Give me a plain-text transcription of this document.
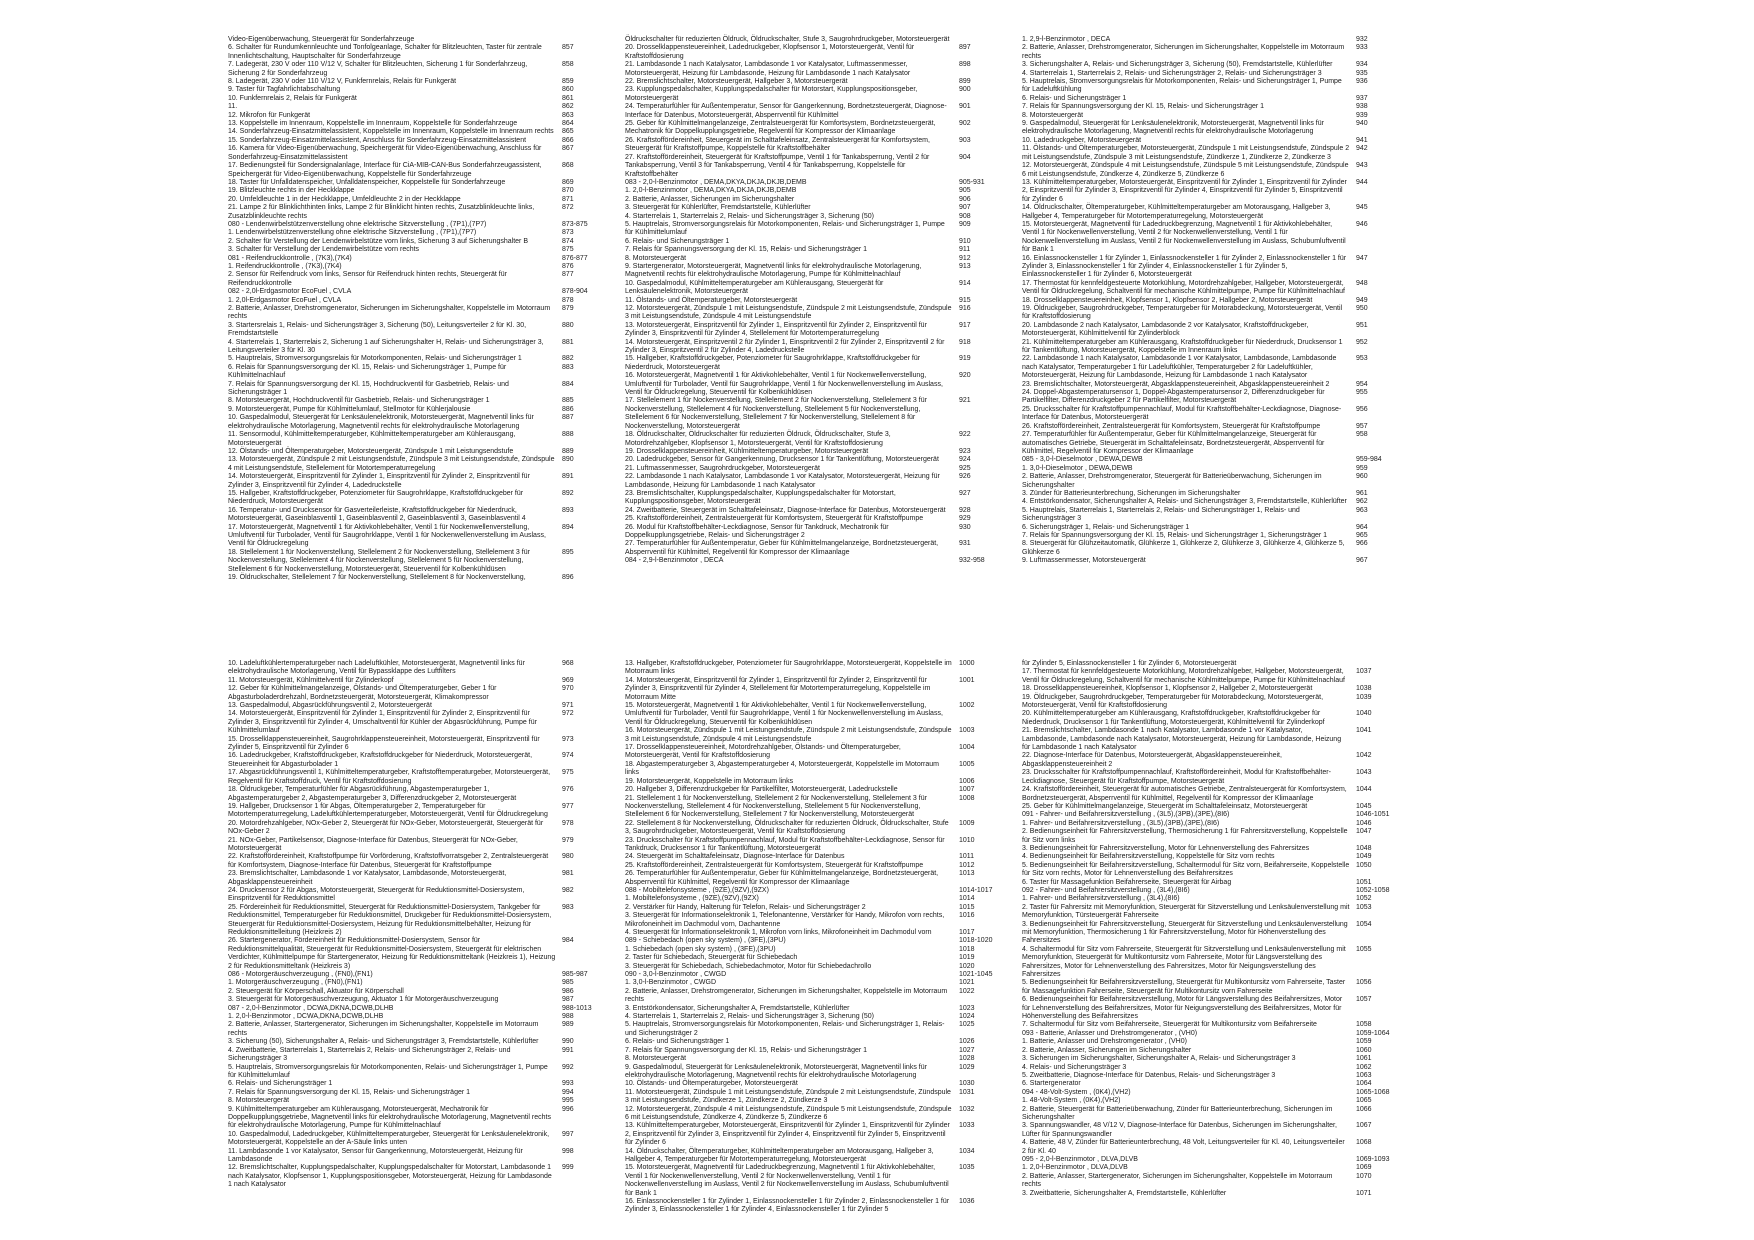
Video-Eigenüberwachung, Steuergerät für Sonderfahrzeuge
6. Schalter für Rundumkennleuchte und Tonfolgeanlage, Schalter für Blitzleuchten, Taster für zentrale Innenlichtschaltung, Hauptschalter für Sonderfahrzeuge
857
7. Ladegerät, 230 V oder 110 V/12 V, Schalter für Blitzleuchten, Sicherung 1 für Sonderfahrzeug, Sicherung 2 für Sonderfahrzeug
858
8. Ladegerät, 230 V oder 110 V/12 V, Funkfernrelais, Relais für Funkgerät	859
9. Taster für Tagfahrlichtabschaltung	860
10. Funkfernrelais 2, Relais für Funkgerät	861
11.	862
12. Mikrofon für Funkgerät	863
13. Koppelstelle im Innenraum, Koppelstelle im Innenraum, Koppelstelle für Sonderfahrzeuge	864
14. Sonderfahrzeug-Einsatzmittelassistent, Koppelstelle im Innenraum, Koppelstelle im Innenraum rechts	865
15. Sonderfahrzeug-Einsatzmittelassistent, Anschluss für Sonderfahrzeug-Einsatzmittelassistent	866
16. Kamera für Video-Eigenüberwachung, Speichergerät für Video-Eigenüberwachung, Anschluss für Sonderfahrzeug-Einsatzmittelassistent
867
17. Bedienungsteil für Sondersignalanlage, Interface für CiA-MIB-CAN-Bus Sonderfahrzeugassistent, Speichergerät für Video-Eigenüberwachung, Koppelstelle für Sonderfahrzeuge
868
18. Taster für Unfalldatenspeicher, Unfalldatenspeicher, Koppelstelle für Sonderfahrzeuge	869
19. Blitzleuchte rechts in der Heckklappe	870
20. Umfeldleuchte 1 in der Heckklappe, Umfeldleuchte 2 in der Heckklappe	871
21. Lampe 2 für Blinklichthinten links, Lampe 2 für Blinklicht hinten rechts, Zusatzblinkleuchte links, Zusatzblinkleuchte rechts
872
080 - Lendenwirbelstützenverstellung ohne elektrische Sitzverstellung , (7P1),(7P7)	873-875
1. Lendenwirbelstützenverstellung ohne elektrische Sitzverstellung , (7P1),(7P7)	873
2. Schalter für Verstellung der Lendenwirbelstütze vorn links, Sicherung 3 auf Sicherungshalter B	874
3. Schalter für Verstellung der Lendenwirbelstütze vorn rechts	875
081 - Reifendruckkontrolle , (7K3),(7K4)	876-877
1. Reifendruckkontrolle , (7K3),(7K4)	876
2. Sensor für Reifendruck vorn links, Sensor für Reifendruck hinten rechts, Steuergerät für Reifendruckkontrolle
877
082 - 2,0l-Erdgasmotor EcoFuel , CVLA	878-904
1. 2,0l-Erdgasmotor EcoFuel , CVLA	878
2. Batterie, Anlasser, Drehstromgenerator, Sicherungen im Sicherungshalter, Koppelstelle im Motorraum rechts
879
3. Startersrelais 1, Relais- und Sicherungsträger 3, Sicherung (50), Leitungsverteiler 2 für Kl. 30, Fremdstartstelle
880
4. Starterrelais 1, Starterrelais 2, Sicherung 1 auf Sicherungshalter H, Relais- und Sicherungsträger 3, Leitungsverteiler 3 für Kl. 30
881
5. Hauptrelais, Stromversorgungsrelais für Motorkomponenten, Relais- und Sicherungsträger 1	882
6. Relais für Spannungsversorgung der Kl. 15, Relais- und Sicherungsträger 1, Pumpe für Kühlmittelnachlauf
883
7. Relais für Spannungsversorgung der Kl. 15, Hochdruckventil für Gasbetrieb, Relais- und Sicherungsträger 1
884
8. Motorsteuergerät, Hochdruckventil für Gasbetrieb, Relais- und Sicherungsträger 1	885
9. Motorsteuergerät, Pumpe für Kühlmittelumlauf, Stellmotor für Kühlerjalousie	886
10. Gaspedalmodul, Steuergerät für Lenksäulenelektronik, Motorsteuergerät, Magnetventil links für elektrohydraulische Motorlagerung, Magnetventil rechts für elektrohydraulische Motorlagerung
887
11. Sensormodul, Kühlmitteltemperaturgeber, Kühlmitteltemperaturgeber am Kühlerausgang, Motorsteuergerät
888
12. Ölstands- und Öltemperaturgeber, Motorsteuergerät, Zündspule 1 mit Leistungsendstufe	889
13. Motorsteuergerät, Zündspule 2 mit Leistungsendstufe, Zündspule 3 mit Leistungsendstufe, Zündspule 4 mit Leistungsendstufe, Stellelement für Motortemperaturregelung
890
14. Motorsteuergerät, Einspritzventil für Zylinder 1, Einspritzventil für Zylinder 2, Einspritzventil für Zylinder 3, Einspritzventil für Zylinder 4, Ladedruckstelle
891
15. Hallgeber, Kraftstoffdruckgeber, Potenziometer für Saugrohrklappe, Kraftstoffdruckgeber für Niederdruck, Motorsteuergerät
892
16. Temperatur- und Drucksensor für Gasverteilerleiste, Kraftstoffdruckgeber für Niederdruck, Motorsteuergerät, Gaseinblasventil 1, Gaseinblasventil 2, Gaseinblasventil 3, Gaseinblasventil 4
893
17. Motorsteuergerät, Magnetventil 1 für Aktivkohlebehälter, Ventil 1 für Nockenwellenverstellung, Umluftventil für Turbolader, Ventil für Saugrohrklappe, Ventil 1 für Nockenwellenverstellung im Auslass, Ventil für Öldruckregelung
894
18. Stellelement 1 für Nockenverstellung, Stellelement 2 für Nockenverstellung, Stellelement 3 für Nockenverstellung, Stellelement 4 für Nockenverstellung, Stellelement 5 für Nockenverstellung, Stellelement 6 für Nockenverstellung, Motorsteuergerät, Steuerventil für Kolbenkühldüsen
895
19. Öldruckschalter, Stellelement 7 für Nockenverstellung, Stellelement 8 für Nockenverstellung,	896
Öldruckschalter für reduzierten Öldruck, Öldruckschalter, Stufe 3, Saugrohrdruckgeber, Motorsteuergerät
20. Drosselklappensteuereinheit, Ladedruckgeber, Klopfsensor 1, Motorsteuergerät, Ventil für Kraftstoffdosierung
897
21. Lambdasonde 1 nach Katalysator, Lambdasonde 1 vor Katalysator, Luftmassenmesser, Motorsteuergerät, Heizung für Lambdasonde, Heizung für Lambdasonde 1 nach Katalysator
898
22. Bremslichtschalter, Motorsteuergerät, Hallgeber 3, Motorsteuergerät	899
23. Kupplungspedalschalter, Kupplungspedalschalter für Motorstart, Kupplungspositionsgeber, Motorsteuergerät
900
24. Temperaturfühler für Außentemperatur, Sensor für Gangerkennung, Bordnetzsteuergerät, Diagnose-Interface für Datenbus, Motorsteuergerät, Absperrventil für Kühlmittel
901
25. Geber für Kühlmittelmangelanzeige, Zentralsteuergerät für Komfortsystem, Bordnetzsteuergerät, Mechatronik für Doppelkupplungsgetriebe, Regelventil für Kompressor der Klimaanlage
902
26. Kraftstoffördereinheit, Steuergerät im Schalttafeleinsatz, Zentralsteuergerät für Komfortsystem, Steuergerät für Kraftstoffpumpe, Koppelstelle für Kraftstoffbehälter
903
27. Kraftstoffördereinheit, Steuergerät für Kraftstoffpumpe, Ventil 1 für Tankabsperrung, Ventil 2 für Tankabsperrung, Ventil 3 für Tankabsperrung, Ventil 4 für Tankabsperrung, Koppelstelle für Kraftstoffbehälter
904
083 - 2,0-l-Benzinmotor , DEMA,DKYA,DKJA,DKJB,DEMB	905-931
1. 2,0-l-Benzinmotor , DEMA,DKYA,DKJA,DKJB,DEMB	905
2. Batterie, Anlasser, Sicherungen im Sicherungshalter	906
3. Steuergerät für Kühlerlüfter, Fremdstartstelle, Kühlerlüfter	907
4. Starterrelais 1, Starterrelais 2, Relais- und Sicherungsträger 3, Sicherung (50)	908
5. Hauptrelais, Stromversorgungsrelais für Motorkomponenten, Relais- und Sicherungsträger 1, Pumpe für Kühlmittelumlauf
909
6. Relais- und Sicherungsträger 1	910
7. Relais für Spannungsversorgung der Kl. 15, Relais- und Sicherungsträger 1	911
8. Motorsteuergerät	912
9. Startergenerator, Motorsteuergerät, Magnetventil links für elektrohydraulische Motorlagerung, Magnetventil rechts für elektrohydraulische Motorlagerung, Pumpe für Kühlmittelnachlauf
913
10. Gaspedalmodul, Kühlmitteltemperaturgeber am Kühlerausgang, Steuergerät für Lenksäulenelektronik, Motorsteuergerät
914
11. Ölstands- und Öltemperaturgeber, Motorsteuergerät	915
12. Motorsteuergerät, Zündspule 1 mit Leistungsendstufe, Zündspule 2 mit Leistungsendstufe, Zündspule 3 mit Leistungsendstufe, Zündspule 4 mit Leistungsendstufe
916
13. Motorsteuergerät, Einspritzventil für Zylinder 1, Einspritzventil für Zylinder 2, Einspritzventil für Zylinder 3, Einspritzventil für Zylinder 4, Stellelement für Motortemperaturregelung
917
14. Motorsteuergerät, Einspritzventil 2 für Zylinder 1, Einspritzventil 2 für Zylinder 2, Einspritzventil 2 für Zylinder 3, Einspritzventil 2 für Zylinder 4, Ladedruckstelle
918
15. Hallgeber, Kraftstoffdruckgeber, Potenziometer für Saugrohrklappe, Kraftstoffdruckgeber für Niederdruck, Motorsteuergerät
919
16. Motorsteuergerät, Magnetventil 1 für Aktivkohlebehälter, Ventil 1 für Nockenwellenverstellung, Umluftventil für Turbolader, Ventil für Saugrohrklappe, Ventil 1 für Nockenwellenverstellung im Auslass, Ventil für Öldruckregelung, Steuerventil für Kolbenkühldüsen
920
17. Stellelement 1 für Nockenverstellung, Stellelement 2 für Nockenverstellung, Stellelement 3 für Nockenverstellung, Stellelement 4 für Nockenverstellung, Stellelement 5 für Nockenverstellung, Stellelement 6 für Nockenverstellung, Stellelement 7 für Nockenverstellung, Stellelement 8 für Nockenverstellung, Motorsteuergerät
921
18. Öldruckschalter, Öldruckschalter für reduzierten Öldruck, Öldruckschalter, Stufe 3, Motordrehzahlgeber, Klopfsensor 1, Motorsteuergerät, Ventil für Kraftstoffdosierung
922
19. Drosselklappensteuereinheit, Kühlmitteltemperaturgeber, Motorsteuergerät	923
20. Ladedruckgeber, Sensor für Gangerkennung, Drucksensor 1 für Tankentlüftung, Motorsteuergerät	924
21. Luftmassenmesser, Saugrohrdruckgeber, Motorsteuergerät	925
22. Lambdasonde 1 nach Katalysator, Lambdasonde 1 vor Katalysator, Motorsteuergerät, Heizung für Lambdasonde, Heizung für Lambdasonde 1 nach Katalysator
926
23. Bremslichtschalter, Kupplungspedalschalter, Kupplungspedalschalter für Motorstart, Kupplungspositionsgeber, Motorsteuergerät
927
24. Zweitbatterie, Steuergerät im Schalttafeleinsatz, Diagnose-Interface für Datenbus, Motorsteuergerät	928
25. Kraftstoffördereinheit, Zentralsteuergerät für Komfortsystem, Steuergerät für Kraftstoffpumpe	929
26. Modul für Kraftstoffbehälter-Leckdiagnose, Sensor für Tankdruck, Mechatronik für Doppelkupplungsgetriebe, Relais- und Sicherungsträger 2
930
27. Temperaturfühler für Außentemperatur, Geber für Kühlmittelmangelanzeige, Bordnetzsteuergerät, Absperrventil für Kühlmittel, Regelventil für Kompressor der Klimaanlage
931
084 - 2,9-l-Benzinmotor , DECA	932-958
1. 2,9-l-Benzinmotor , DECA	932
2. Batterie, Anlasser, Drehstromgenerator, Sicherungen im Sicherungshalter, Koppelstelle im Motorraum rechts
933
3. Sicherungshalter A, Relais- und Sicherungsträger 3, Sicherung (50), Fremdstartstelle, Kühlerlüfter	934
4. Starterrelais 1, Starterrelais 2, Relais- und Sicherungsträger 2, Relais- und Sicherungsträger 3	935
5. Hauptrelais, Stromversorgungsrelais für Motorkomponenten, Relais- und Sicherungsträger 1, Pumpe für Ladeluftkühlung
936
6. Relais- und Sicherungsträger 1	937
7. Relais für Spannungsversorgung der Kl. 15, Relais- und Sicherungsträger 1	938
8. Motorsteuergerät	939
9. Gaspedalmodul, Steuergerät für Lenksäulenelektronik, Motorsteuergerät, Magnetventil links für elektrohydraulische Motorlagerung, Magnetventil rechts für elektrohydraulische Motorlagerung
940
10. Ladedruckgeber, Motorsteuergerät	941
11. Ölstands- und Öltemperaturgeber, Motorsteuergerät, Zündspule 1 mit Leistungsendstufe, Zündspule 2 mit Leistungsendstufe, Zündspule 3 mit Leistungsendstufe, Zündkerze 1, Zündkerze 2, Zündkerze 3
942
12. Motorsteuergerät, Zündspule 4 mit Leistungsendstufe, Zündspule 5 mit Leistungsendstufe, Zündspule 6 mit Leistungsendstufe, Zündkerze 4, Zündkerze 5, Zündkerze 6
943
13. Kühlmitteltemperaturgeber, Motorsteuergerät, Einspritzventil für Zylinder 1, Einspritzventil für Zylinder 2, Einspritzventil für Zylinder 3, Einspritzventil für Zylinder 4, Einspritzventil für Zylinder 5, Einspritzventil für Zylinder 6
944
14. Öldruckschalter, Öltemperaturgeber, Kühlmitteltemperaturgeber am Motorausgang, Hallgeber 3, Hallgeber 4, Temperaturgeber für Motortemperaturregelung, Motorsteuergerät
945
15. Motorsteuergerät, Magnetventil für Ladedruckbegrenzung, Magnetventil 1 für Aktivkohlebehälter, Ventil 1 für Nockenwellenverstellung, Ventil 2 für Nockenwellenverstellung, Ventil 1 für Nockenwellenverstellung im Auslass, Ventil 2 für Nockenwellenverstellung im Auslass, Schubumluftventil für Bank 1
946
16. Einlassnockensteller 1 für Zylinder 1, Einlassnockensteller 1 für Zylinder 2, Einlassnockensteller 1 für Zylinder 3, Einlassnockensteller 1 für Zylinder 4, Einlassnockensteller 1 für Zylinder 5, Einlassnockensteller 1 für Zylinder 6, Motorsteuergerät
947
17. Thermostat für kennfeldgesteuerte Motorkühlung, Motordrehzahlgeber, Hallgeber, Motorsteuergerät, Ventil für Öldruckregelung, Schaltventil für mechanische Kühlmittelpumpe, Pumpe für Kühlmittelnachlauf
948
18. Drosselklappensteuereinheit, Klopfsensor 1, Klopfsensor 2, Hallgeber 2, Motorsteuergerät	949
19. Öldruckgeber, Saugrohrdruckgeber, Temperaturgeber für Motorabdeckung, Motorsteuergerät, Ventil für Kraftstoffdosierung
950
20. Lambdasonde 2 nach Katalysator, Lambdasonde 2 vor Katalysator, Kraftstoffdruckgeber, Motorsteuergerät, Kühlmittelventil für Zylinderblock
951
21. Kühlmitteltemperaturgeber am Kühlerausgang, Kraftstoffdruckgeber für Niederdruck, Drucksensor 1 für Tankentlüftung, Motorsteuergerät, Koppelstelle im Innenraum links
952
22. Lambdasonde 1 nach Katalysator, Lambdasonde 1 vor Katalysator, Lambdasonde, Lambdasonde nach Katalysator, Temperaturgeber 1 für Ladeluftkühler, Temperaturgeber 2 für Ladeluftkühler, Motorsteuergerät, Heizung für Lambdasonde, Heizung für Lambdasonde 1 nach Katalysator
953
23. Bremslichtschalter, Motorsteuergerät, Abgasklappensteuereinheit, Abgasklappensteuereinheit 2	954
24. Doppel-Abgastemperatursensor 1, Doppel-Abgastemperatursensor 2, Differenzdruckgeber für Partikelfilter, Differenzdruckgeber 2 für Partikelfilter, Motorsteuergerät
955
25. Drucksschalter für Kraftstoffpumpennachlauf, Modul für Kraftstoffbehälter-Leckdiagnose, Diagnose-Interface für Datenbus, Motorsteuergerät
956
26. Kraftstoffördereinheit, Zentralsteuergerät für Komfortsystem, Steuergerät für Kraftstoffpumpe	957
27. Temperaturfühler für Außentemperatur, Geber für Kühlmittelmangelanzeige, Steuergerät für automatisches Getriebe, Steuergerät im Schalttafeleinsatz, Bordnetzsteuergerät, Absperrventil für Kühlmittel, Regelventil für Kompressor der Klimaanlage
958
085 - 3,0-l-Dieselmotor , DEWA,DEWB	959-984
1. 3,0-l-Dieselmotor , DEWA,DEWB	959
2. Batterie, Anlasser, Drehstromgenerator, Steuergerät für Batterieüberwachung, Sicherungen im Sicherungshalter
960
3. Zünder für Batterieunterbrechung, Sicherungen im Sicherungshalter	961
4. Entstörkondensator, Sicherungshalter A, Relais- und Sicherungsträger 3, Fremdstartstelle, Kühlerlüfter	962
5. Hauptrelais, Starterrelais 1, Starterrelais 2, Relais- und Sicherungsträger 1, Relais- und Sicherungsträger 3
963
6. Sicherungsträger 1, Relais- und Sicherungsträger 1	964
7. Relais für Spannungsversorgung der Kl. 15, Relais- und Sicherungsträger 1, Sicherungsträger 1	965
8. Steuergerät für Glühzeitautomatik, Glühkerze 1, Glühkerze 2, Glühkerze 3, Glühkerze 4, Glühkerze 5, Glühkerze 6
966
9. Luftmassenmesser, Motorsteuergerät	967
10. Ladeluftkühlertemperaturgeber nach Ladeluftkühler, Motorsteuergerät, Magnetventil links für elektrohydraulische Motorlagerung, Ventil für Bypassklappe des Luftfilters
968
11. Motorsteuergerät, Kühlmittelventil für Zylinderkopf	969
12. Geber für Kühlmittelmangelanzeige, Ölstands- und Öltemperaturgeber, Geber 1 für Abgasturboladerdrehzahl, Bordnetzsteuergerät, Motorsteuergerät, Klimakompressor
970
13. Gaspedalmodul, Abgasrückführungsventil 2, Motorsteuergerät	971
14. Motorsteuergerät, Einspritzventil für Zylinder 1, Einspritzventil für Zylinder 2, Einspritzventil für Zylinder 3, Einspritzventil für Zylinder 4, Umschaltventil für Kühler der Abgasrückführung, Pumpe für Kühlmittelumlauf
972
15. Drosselklappensteuereinheit, Saugrohrklappensteuereinheit, Motorsteuergerät, Einspritzventil für Zylinder 5, Einspritzventil für Zylinder 6
973
16. Ladedruckgeber, Kraftstoffdruckgeber, Kraftstoffdruckgeber für Niederdruck, Motorsteuergerät, Steuereinheit für Abgasturbolader 1
974
17. Abgasrückführungsventil 1, Kühlmitteltemperaturgeber, Kraftstofftemperaturgeber, Motorsteuergerät, Regelventil für Kraftstoffdruck, Ventil für Kraftstoffdosierung
975
18. Öldruckgeber, Temperaturfühler für Abgasrückführung, Abgastemperaturgeber 1, Abgastemperaturgeber 2, Abgastemperaturgeber 3, Differenzdruckgeber 2, Motorsteuergerät
976
19. Hallgeber, Drucksensor 1 für Abgas, Öltemperaturgeber 2, Temperaturgeber für Motortemperaturregelung, Ladeluftkühlertemperaturgeber, Motorsteuergerät, Ventil für Öldruckregelung
977
20. Motordrehzahlgeber, NOx-Geber 2, Steuergerät für NOx-Geber, Motorsteuergerät, Steuergerät für NOx-Geber 2
978
21. NOx-Geber, Partikelsensor, Diagnose-Interface für Datenbus, Steuergerät für NOx-Geber, Motorsteuergerät
979
22. Kraftstoffördereinheit, Kraftstoffpumpe für Vorförderung, Kraftstoffvorratsgeber 2, Zentralsteuergerät für Komfortsystem, Diagnose-Interface für Datenbus, Steuergerät für Kraftstoffpumpe
980
23. Bremslichtschalter, Lambdasonde 1 vor Katalysator, Lambdasonde, Motorsteuergerät, Abgasklappensteuereinheit
981
24. Drucksensor 2 für Abgas, Motorsteuergerät, Steuergerät für Reduktionsmittel-Dosiersystem, Einspritzventil für Reduktionsmittel
982
25. Fördereinheit für Reduktionsmittel, Steuergerät für Reduktionsmittel-Dosiersystem, Tankgeber für Reduktionsmittel, Temperaturgeber für Reduktionsmittel, Druckgeber für Reduktionsmittel-Dosiersystem, Steuergerät für Reduktionsmittel-Dosiersystem, Heizung für Reduktionsmittelbehälter, Heizung für Reduktionsmittelleitung (Heizkreis 2)
983
26. Startergenerator, Fördereinheit für Reduktionsmittel-Dosiersystem, Sensor für Reduktionsmittelqualität, Steuergerät für Reduktionsmittel-Dosiersystem, Steuergerät für elektrischen Verdichter, Kühlmittelpumpe für Startergenerator, Heizung für Reduktionsmitteltank (Heizkreis 1), Heizung 2 für Reduktionsmitteltank (Heizkreis 3)
984
086 - Motorgeräuschverzeugung , (FN0),(FN1)	985-987
1. Motorgeräuschverzeugung , (FN0),(FN1)	985
2. Steuergerät für Körperschall, Aktuator für Körperschall	986
3. Steuergerät für Motorgeräuschverzeugung, Aktuator 1 für Motorgeräuschverzeugung	987
087 - 2,0-l-Benzinmotor , DCWA,DKNA,DCWB,DLHB	988-1013
1. 2,0-l-Benzinmotor , DCWA,DKNA,DCWB,DLHB	988
2. Batterie, Anlasser, Startergenerator, Sicherungen im Sicherungshalter, Koppelstelle im Motorraum rechts
989
3. Sicherung (50), Sicherungshalter A, Relais- und Sicherungsträger 3, Fremdstartstelle, Kühlerlüfter	990
4. Zweitbatterie, Starterrelais 1, Starterrelais 2, Relais- und Sicherungsträger 2, Relais- und Sicherungsträger 3
991
5. Hauptrelais, Stromversorgungsrelais für Motorkomponenten, Relais- und Sicherungsträger 1, Pumpe für Kühlmittelumlauf
992
6. Relais- und Sicherungsträger 1	993
7. Relais für Spannungsversorgung der Kl. 15, Relais- und Sicherungsträger 1	994
8. Motorsteuergerät	995
9. Kühlmitteltemperaturgeber am Kühlerausgang, Motorsteuergerät, Mechatronik für Doppelkupplungsgetriebe, Magnetventil links für elektrohydraulische Motorlagerung, Magnetventil rechts für elektrohydraulische Motorlagerung, Pumpe für Kühlmittelnachlauf
996
10. Gaspedalmodul, Ladedruckgeber, Kühlmitteltemperaturgeber, Steuergerät für Lenksäulenelektronik, Motorsteuergerät, Koppelstelle an der A-Säule links unten
997
11. Lambdasonde 1 vor Katalysator, Sensor für Gangerkennung, Motorsteuergerät, Heizung für Lambdasonde
998
12. Bremslichtschalter, Kupplungspedalschalter, Kupplungspedalschalter für Motorstart, Lambdasonde 1 nach Katalysator, Klopfsensor 1, Kupplungspositionsgeber, Motorsteuergerät, Heizung für Lambdasonde 1 nach Katalysator
999
13. Hallgeber, Kraftstoffdruckgeber, Potenziometer für Saugrohrklappe, Motorsteuergerät, Koppelstelle im Motorraum links
1000
14. Motorsteuergerät, Einspritzventil für Zylinder 1, Einspritzventil für Zylinder 2, Einspritzventil für Zylinder 3, Einspritzventil für Zylinder 4, Stellelement für Motortemperaturregelung, Koppelstelle im Motorraum Mitte
1001
15. Motorsteuergerät, Magnetventil 1 für Aktivkohlebehälter, Ventil 1 für Nockenwellenverstellung, Umluftventil für Turbolader, Ventil für Saugrohrklappe, Ventil 1 für Nockenwellenverstellung im Auslass, Ventil für Öldruckregelung, Steuerventil für Kolbenkühldüsen
1002
16. Motorsteuergerät, Zündspule 1 mit Leistungsendstufe, Zündspule 2 mit Leistungsendstufe, Zündspule 3 mit Leistungsendstufe, Zündspule 4 mit Leistungsendstufe
1003
17. Drosselklappensteuereinheit, Motordrehzahlgeber, Ölstands- und Öltemperaturgeber, Motorsteuergerät, Ventil für Kraftstoffdosierung
1004
18. Abgastemperaturgeber 3, Abgastemperaturgeber 4, Motorsteuergerät, Koppelstelle im Motorraum links
1005
19. Motorsteuergerät, Koppelstelle im Motorraum links	1006
20. Hallgeber 3, Differenzdruckgeber für Partikelfilter, Motorsteuergerät, Ladedruckstelle	1007
21. Stellelement 1 für Nockenverstellung, Stellelement 2 für Nockenverstellung, Stellelement 3 für Nockenverstellung, Stellelement 4 für Nockenverstellung, Stellelement 5 für Nockenverstellung, Stellelement 6 für Nockenverstellung, Stellelement 7 für Nockenverstellung, Motorsteuergerät
1008
22. Stellelement 8 für Nockenverstellung, Öldruckschalter für reduzierten Öldruck, Öldruckschalter, Stufe 3, Saugrohrdruckgeber, Motorsteuergerät, Ventil für Kraftstoffdosierung
1009
23. Drucksschalter für Kraftstoffpumpennachlauf, Modul für Kraftstoffbehälter-Leckdiagnose, Sensor für Tankdruck, Drucksensor 1 für Tankentlüftung, Motorsteuergerät
1010
24. Steuergerät im Schalttafeleinsatz, Diagnose-Interface für Datenbus	1011
25. Kraftstoffördereinheit, Zentralsteuergerät für Komfortsystem, Steuergerät für Kraftstoffpumpe	1012
26. Temperaturfühler für Außentemperatur, Geber für Kühlmittelmangelanzeige, Bordnetzsteuergerät, Absperrventil für Kühlmittel, Regelventil für Kompressor der Klimaanlage
1013
088 - Mobiltelefonsysteme , (9ZE),(9ZV),(9ZX)	1014-1017
1. Mobiltelefonsysteme , (9ZE),(9ZV),(9ZX)	1014
2. Verstärker für Handy, Halterung für Telefon, Relais- und Sicherungsträger 2	1015
3. Steuergerät für Informationselektronik 1, Telefonantenne, Verstärker für Handy, Mikrofon vorn rechts, Mikrofoneinheit im Dachmodul vorn, Dachantenne
1016
4. Steuergerät für Informationselektronik 1, Mikrofon vorn links, Mikrofoneinheit im Dachmodul vorn	1017
089 - Schiebedach (open sky system) , (3FE),(3PU)	1018-1020
1. Schiebedach (open sky system) , (3FE),(3PU)	1018
2. Taster für Schiebedach, Steuergerät für Schiebedach	1019
3. Steuergerät für Schiebedach, Schiebedachmotor, Motor für Schiebedachrollo	1020
090 - 3,0-l-Benzinmotor , CWGD	1021-1045
1. 3,0-l-Benzinmotor , CWGD	1021
2. Batterie, Anlasser, Drehstromgenerator, Sicherungen im Sicherungshalter, Koppelstelle im Motorraum rechts
1022
3. Entstörkondensator, Sicherungshalter A, Fremdstartstelle, Kühlerlüfter	1023
4. Starterrelais 1, Starterrelais 2, Relais- und Sicherungsträger 3, Sicherung (50)	1024
5. Hauptrelais, Stromversorgungsrelais für Motorkomponenten, Relais- und Sicherungsträger 1, Relais- und Sicherungsträger 2
1025
6. Relais- und Sicherungsträger 1	1026
7. Relais für Spannungsversorgung der Kl. 15, Relais- und Sicherungsträger 1	1027
8. Motorsteuergerät	1028
9. Gaspedalmodul, Steuergerät für Lenksäulenelektronik, Motorsteuergerät, Magnetventil links für elektrohydraulische Motorlagerung, Magnetventil rechts für elektrohydraulische Motorlagerung
1029
10. Ölstands- und Öltemperaturgeber, Motorsteuergerät	1030
11. Motorsteuergerät, Zündspule 1 mit Leistungsendstufe, Zündspule 2 mit Leistungsendstufe, Zündspule 3 mit Leistungsendstufe, Zündkerze 1, Zündkerze 2, Zündkerze 3
1031
12. Motorsteuergerät, Zündspule 4 mit Leistungsendstufe, Zündspule 5 mit Leistungsendstufe, Zündspule 6 mit Leistungsendstufe, Zündkerze 4, Zündkerze 5, Zündkerze 6
1032
13. Kühlmitteltemperaturgeber, Motorsteuergerät, Einspritzventil für Zylinder 1, Einspritzventil für Zylinder 2, Einspritzventil für Zylinder 3, Einspritzventil für Zylinder 4, Einspritzventil für Zylinder 5, Einspritzventil für Zylinder 6
1033
14. Öldruckschalter, Öltemperaturgeber, Kühlmitteltemperaturgeber am Motorausgang, Hallgeber 3, Hallgeber 4, Temperaturgeber für Motortemperaturregelung, Motorsteuergerät
1034
15. Motorsteuergerät, Magnetventil für Ladedruckbegrenzung, Magnetventil 1 für Aktivkohlebehälter, Ventil 1 für Nockenwellenverstellung, Ventil 2 für Nockenwellenverstellung, Ventil 1 für Nockenwellenverstellung im Auslass, Ventil 2 für Nockenwellenverstellung im Auslass, Schubumluftventil für Bank 1
1035
16. Einlassnockensteller 1 für Zylinder 1, Einlassnockensteller 1 für Zylinder 2, Einlassnockensteller 1 für Zylinder 3, Einlassnockensteller 1 für Zylinder 4, Einlassnockensteller 1 für Zylinder 5
1036
für Zylinder 5, Einlassnockensteller 1 für Zylinder 6, Motorsteuergerät
17. Thermostat für kennfeldgesteuerte Motorkühlung, Motordrehzahlgeber, Hallgeber, Motorsteuergerät, Ventil für Öldruckregelung, Schaltventil für mechanische Kühlmittelpumpe, Pumpe für Kühlmittelnachlauf
1037
18. Drosselklappensteuereinheit, Klopfsensor 1, Klopfsensor 2, Hallgeber 2, Motorsteuergerät	1038
19. Öldruckgeber, Saugrohrdruckgeber, Temperaturgeber für Motorabdeckung, Motorsteuergerät, Motorsteuergerät, Ventil für Kraftstoffdosierung
1039
20. Kühlmitteltemperaturgeber am Kühlerausgang, Kraftstoffdruckgeber, Kraftstoffdruckgeber für Niederdruck, Drucksensor 1 für Tankentlüftung, Motorsteuergerät, Kühlmittelventil für Zylinderkopf
1040
21. Bremslichtschalter, Lambdasonde 1 nach Katalysator, Lambdasonde 1 vor Katalysator, Lambdasonde, Lambdasonde nach Katalysator, Motorsteuergerät, Heizung für Lambdasonde, Heizung für Lambdasonde 1 nach Katalysator
1041
22. Diagnose-Interface für Datenbus, Motorsteuergerät, Abgasklappensteuereinheit, Abgasklappensteuereinheit 2
1042
23. Drucksschalter für Kraftstoffpumpennachlauf, Kraftstoffördereinheit, Modul für Kraftstoffbehälter-Leckdiagnose, Steuergerät für Kraftstoffpumpe, Motorsteuergerät
1043
24. Kraftstoffördereinheit, Steuergerät für automatisches Getriebe, Zentralsteuergerät für Komfortsystem, Bordnetzsteuergerät, Absperrventil für Kühlmittel, Regelventil für Kompressor der Klimaanlage
1044
25. Geber für Kühlmittelmangelanzeige, Steuergerät im Schalttafeleinsatz, Motorsteuergerät	1045
091 - Fahrer- und Beifahrersitzverstellung , (3L5),(3PB),(3PE),(8I6)	1046-1051
1. Fahrer- und Beifahrersitzverstellung , (3L5),(3PB),(3PE),(8I6)	1046
2. Bedienungseinheit für Fahrersitzverstellung, Thermosicherung 1 für Fahrersitzverstellung, Koppelstelle für Sitz vorn links
1047
3. Bedienungseinheit für Fahrersitzverstellung, Motor für Lehnenverstellung des Fahrersitzes	1048
4. Bedienungseinheit für Beifahrersitzverstellung, Koppelstelle für Sitz vorn rechts	1049
5. Bedienungseinheit für Beifahrersitzverstellung, Schaltermodul für Sitz vorn, Beifahrerseite, Koppelstelle für Sitz vorn rechts, Motor für Lehnenverstellung des Beifahrersitzes
1050
6. Taster für Massagefunktion Beifahrerseite, Steuergerät für Airbag	1051
092 - Fahrer- und Beifahrersitzverstellung , (3L4),(8I6)	1052-1058
1. Fahrer- und Beifahrersitzverstellung , (3L4),(8I6)	1052
2. Taster für Fahrersitz mit Memoryfunktion, Steuergerät für Sitzverstellung und Lenksäulenverstellung mit Memoryfunktion, Türsteuergerät Fahrerseite
1053
3. Bedienungseinheit für Fahrersitzverstellung, Steuergerät für Sitzverstellung und Lenksäulenverstellung mit Memoryfunktion, Thermosicherung 1 für Fahrersitzverstellung, Motor für Höhenverstellung des Fahrersitzes
1054
4. Schaltermodul für Sitz vorn Fahrerseite, Steuergerät für Sitzverstellung und Lenksäulenverstellung mit Memoryfunktion, Steuergerät für Multikontursitz vorn Fahrerseite, Motor für Längsverstellung des Fahrersitzes, Motor für Lehnenverstellung des Fahrersitzes, Motor für Neigungsverstellung des Fahrersitzes
1055
5. Bedienungseinheit für Beifahrersitzverstellung, Steuergerät für Multikontursitz vorn Fahrerseite, Taster für Massagefunktion Fahrerseite, Steuergerät für Multikontursitz vorn Fahrerseite
1056
6. Bedienungseinheit für Beifahrersitzverstellung, Motor für Längsverstellung des Beifahrersitzes, Motor für Lehnenverstellung des Beifahrersitzes, Motor für Neigungsverstellung des Beifahrersitzes, Motor für Höhenverstellung des Beifahrersitzes
1057
7. Schaltermodul für Sitz vorn Beifahrerseite, Steuergerät für Multikontursitz vorn Beifahrerseite	1058
093 - Batterie, Anlasser und Drehstromgenerator , (VH0)	1059-1064
1. Batterie, Anlasser und Drehstromgenerator , (VH0)	1059
2. Batterie, Anlasser, Sicherungen im Sicherungshalter	1060
3. Sicherungen im Sicherungshalter, Sicherungshalter A, Relais- und Sicherungsträger 3	1061
4. Relais- und Sicherungsträger 3	1062
5. Zweitbatterie, Diagnose-Interface für Datenbus, Relais- und Sicherungsträger 3	1063
6. Startergenerator	1064
094 - 48-Volt-System , (0K4),(VH2)	1065-1068
1. 48-Volt-System , (0K4),(VH2)	1065
2. Batterie, Steuergerät für Batterieüberwachung, Zünder für Batterieunterbrechung, Sicherungen im Sicherungshalter
1066
3. Spannungswandler, 48 V/12 V, Diagnose-Interface für Datenbus, Sicherungen im Sicherungshalter, Lüfter für Spannungswandler
1067
4. Batterie, 48 V, Zünder für Batterieunterbrechung, 48 Volt, Leitungsverteiler für Kl. 40, Leitungsverteiler 2 für Kl. 40
1068
095 - 2,0-l-Benzinmotor , DLVA,DLVB	1069-1093
1. 2,0-l-Benzinmotor , DLVA,DLVB	1069
2. Batterie, Anlasser, Startergenerator, Sicherungen im Sicherungshalter, Koppelstelle im Motorraum rechts
1070
3. Zweitbatterie, Sicherungshalter A, Fremdstartstelle, Kühlerlüfter	1071
